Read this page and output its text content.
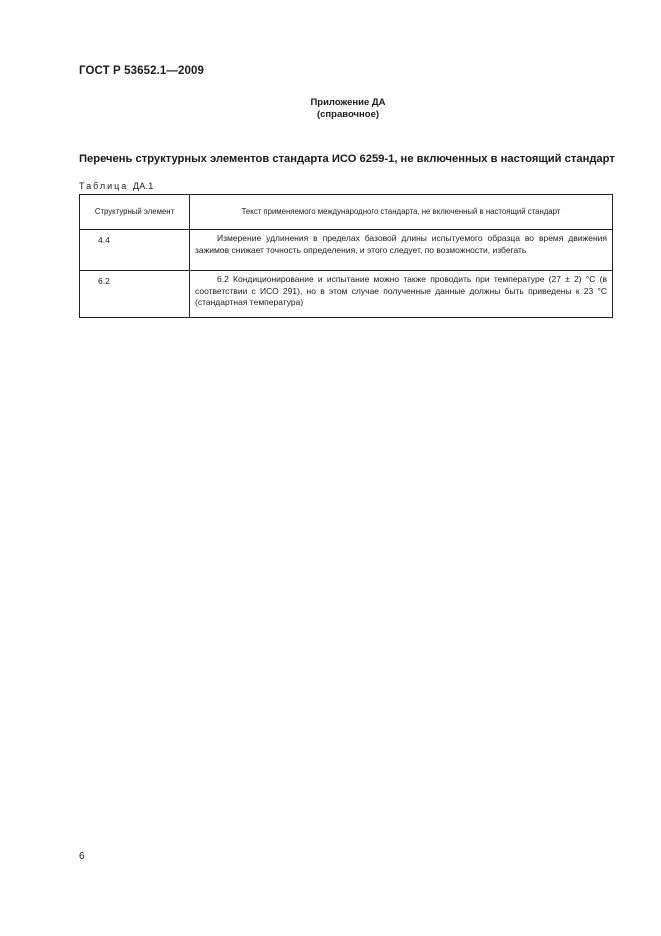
ГОСТ Р 53652.1—2009
Приложение ДА
(справочное)
Перечень структурных элементов стандарта ИСО 6259-1, не включенных в настоящий стандарт
Таблица ДА.1
Структурный элемент	Текст применяемого международного стандарта, не включенный в настоящий стандарт
4.4	Измерение удлинения в пределах базовой длины испытуемого образца во время движения зажимов снижает точность определения, и этого следует, по возможности, избегать
6.2	6.2 Кондиционирование и испытание можно также проводить при температуре (27 ± 2) °С (в соответствии с ИСО 291), но в этом случае полученные данные должны быть приведены к 23 °С (стандартная температура)
6
